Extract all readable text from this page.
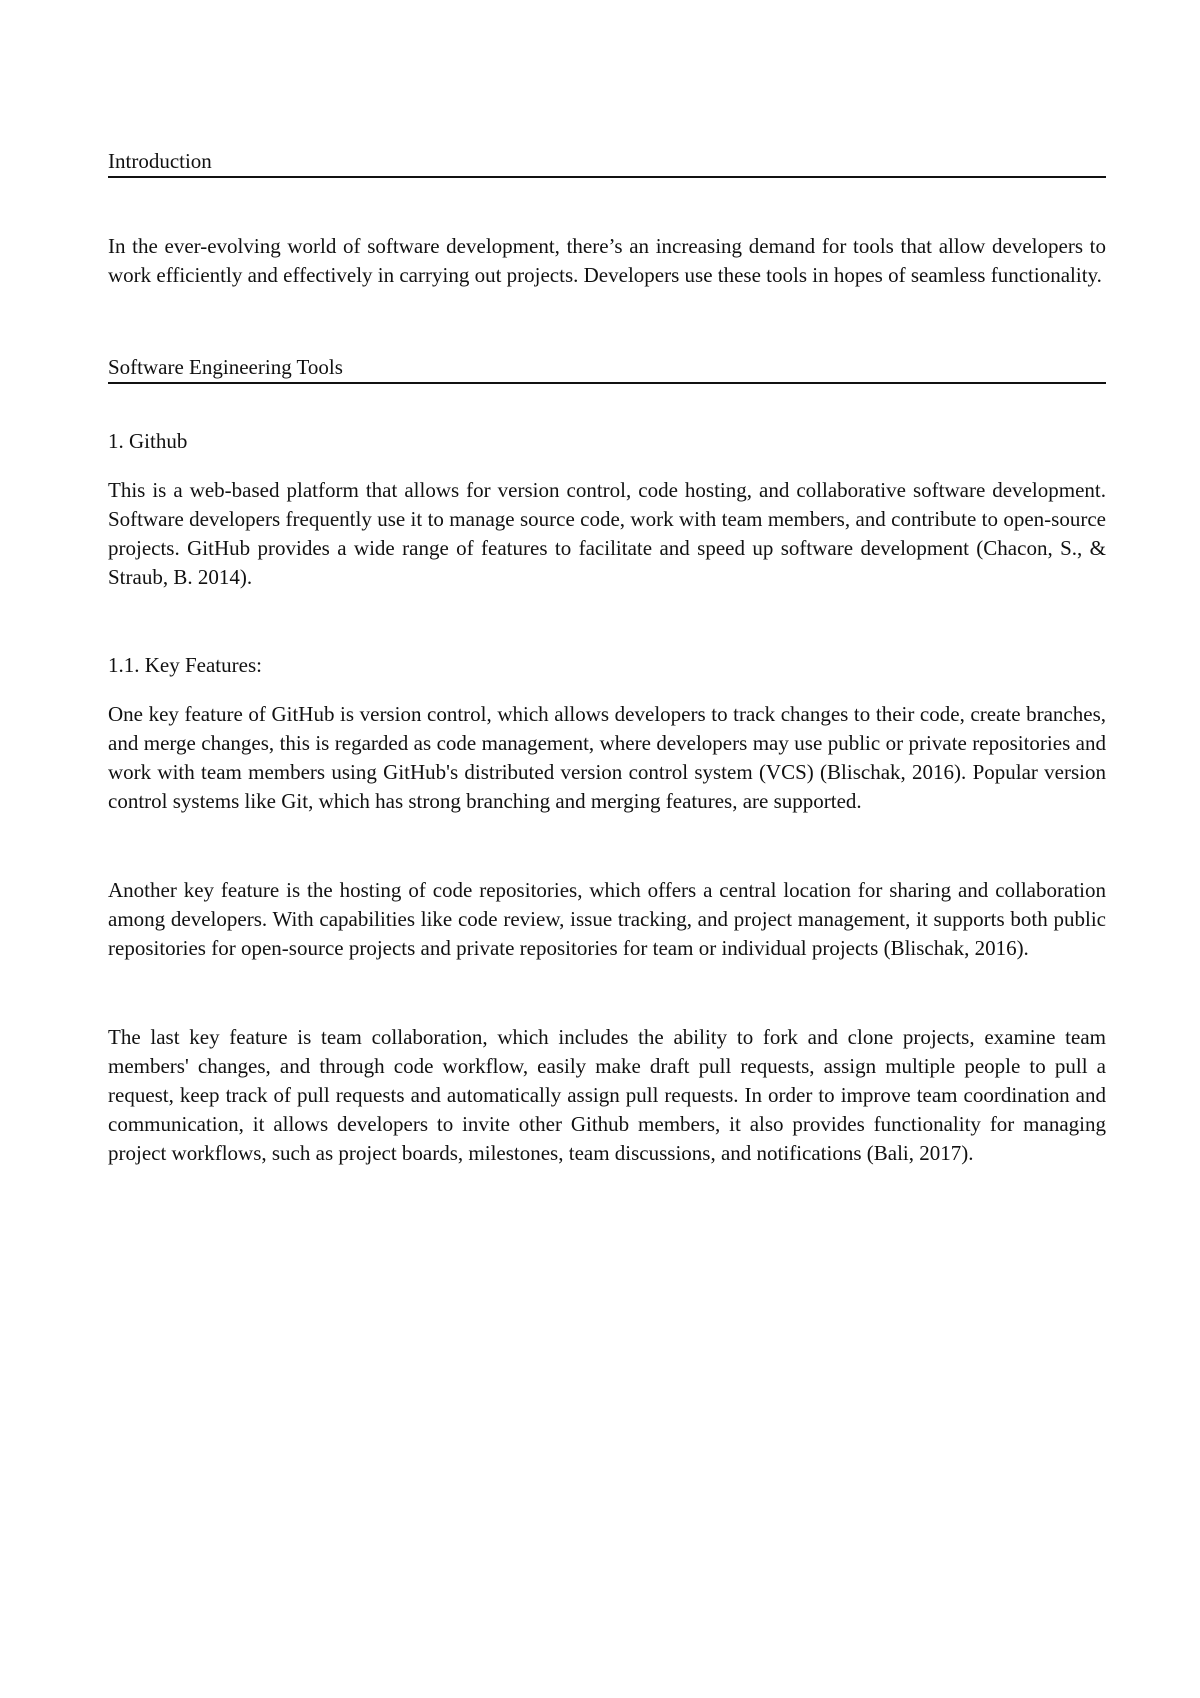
Introduction

In the ever-evolving world of software development, there’s an increasing demand for tools that allow developers to work efficiently and effectively in carrying out projects. Developers use these tools in hopes of seamless functionality.

Software Engineering Tools

1. Github

This is a web-based platform that allows for version control, code hosting, and collaborative software development. Software developers frequently use it to manage source code, work with team members, and contribute to open-source projects. GitHub provides a wide range of features to facilitate and speed up software development (Chacon, S., & Straub, B. 2014).

1.1. Key Features:

One key feature of GitHub is version control, which allows developers to track changes to their code, create branches, and merge changes, this is regarded as code management, where developers may use public or private repositories and work with team members using GitHub's distributed version control system (VCS) (Blischak, 2016). Popular version control systems like Git, which has strong branching and merging features, are supported.

Another key feature is the hosting of code repositories, which offers a central location for sharing and collaboration among developers. With capabilities like code review, issue tracking, and project management, it supports both public repositories for open-source projects and private repositories for team or individual projects (Blischak, 2016).

The last key feature is team collaboration, which includes the ability to fork and clone projects, examine team members' changes, and through code workflow, easily make draft pull requests, assign multiple people to pull a request, keep track of pull requests and automatically assign pull requests. In order to improve team coordination and communication, it allows developers to invite other Github members, it also provides functionality for managing project workflows, such as project boards, milestones, team discussions, and notifications (Bali, 2017).
